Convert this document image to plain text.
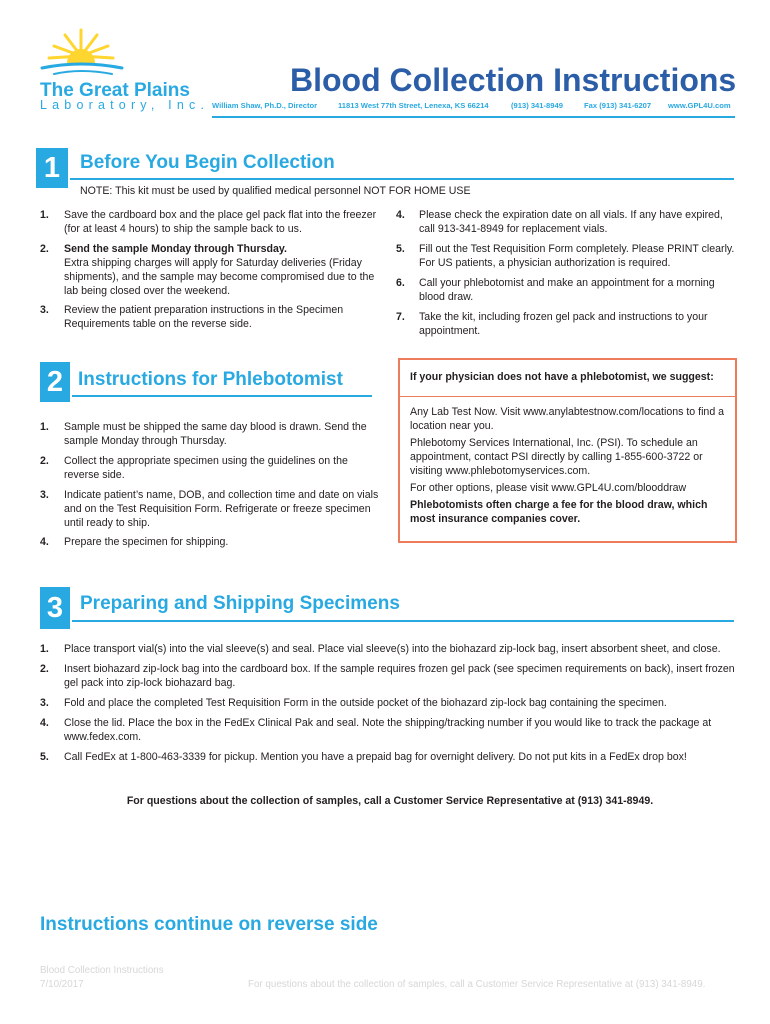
The Great Plains
Laboratory, Inc.
Blood Collection Instructions
William Shaw, Ph.D., Director	11813 West 77th Street, Lenexa, KS 66214	(913) 341-8949	Fax (913) 341-6207 www.GPL4U.com
1	Before You Begin Collection
NOTE: This kit must be used by qualified medical personnel NOT FOR HOME USE
1. Save the cardboard box and the place gel pack flat into the freezer (for at least 4 hours) to ship the sample back to us.
2. Send the sample Monday through Thursday.
Extra shipping charges will apply for Saturday deliveries (Friday shipments), and the sample may become compromised due to the lab being closed over the weekend.
3. Review the patient preparation instructions in the Specimen Requirements table on the reverse side.
4. Please check the expiration date on all vials. If any have expired, call 913-341-8949 for replacement vials.
5. Fill out the Test Requisition Form completely. Please PRINT clearly. For US patients, a physician authorization is required.
6. Call your phlebotomist and make an appointment for a morning blood draw.
7. Take the kit, including frozen gel pack and instructions to your appointment.
2 Instructions for Phlebotomist
1. Sample must be shipped the same day blood is drawn. Send the sample Monday through Thursday.
2. Collect the appropriate specimen using the guidelines on the reverse side.
3. Indicate patient’s name, DOB, and collection time and date on vials and on the Test Requisition Form. Refrigerate or freeze specimen until ready to ship.
4. Prepare the specimen for shipping.
If your physician does not have a phlebotomist, we suggest:
Any Lab Test Now. Visit www.anylabtestnow.com/locations to find a location near you.
Phlebotomy Services International, Inc. (PSI). To schedule an appointment, contact PSI directly by calling 1-855-600-3722 or visiting www.phlebotomyservices.com.
For other options, please visit www.GPL4U.com/blooddraw
Phlebotomists often charge a fee for the blood draw, which most insurance companies cover.
3 Preparing and Shipping Specimens
1. Place transport vial(s) into the vial sleeve(s) and seal. Place vial sleeve(s) into the biohazard zip-lock bag, insert absorbent sheet, and close.
2. Insert biohazard zip-lock bag into the cardboard box. If the sample requires frozen gel pack (see specimen requirements on back), insert frozen gel pack into zip-lock biohazard bag.
3. Fold and place the completed Test Requisition Form in the outside pocket of the biohazard zip-lock bag containing the specimen.
4. Close the lid. Place the box in the FedEx Clinical Pak and seal. Note the shipping/tracking number if you would like to track the package at www.fedex.com.
5. Call FedEx at 1-800-463-3339 for pickup. Mention you have a prepaid bag for overnight delivery. Do not put kits in a FedEx drop box!
For questions about the collection of samples, call a Customer Service Representative at (913) 341-8949.
Instructions continue on reverse side
Blood Collection Instructions
7/10/2017	For questions about the collection of samples, call a Customer Service Representative at (913) 341-8949.
